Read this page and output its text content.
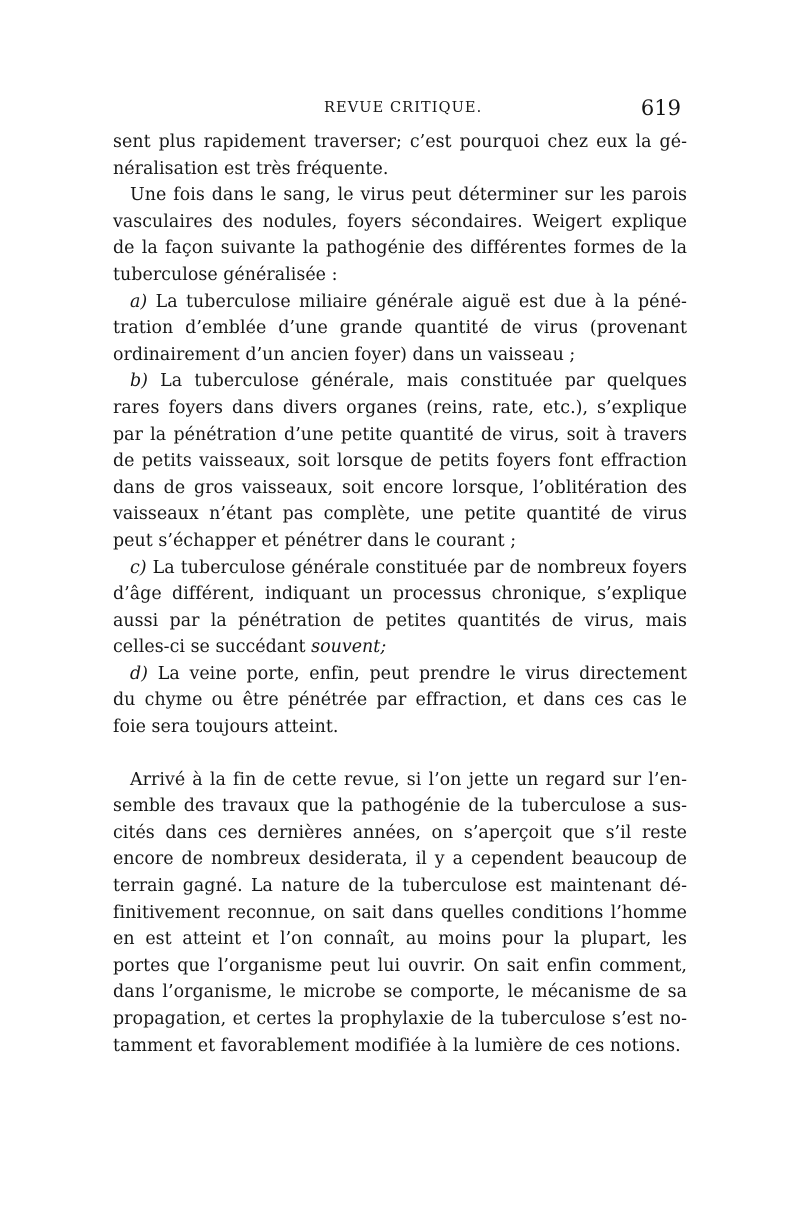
REVUE CRITIQUE.	619
sent plus rapidement traverser; c’est pourquoi chez eux la gé-
néralisation est très fréquente.
Une fois dans le sang, le virus peut déterminer sur les parois
vasculaires des nodules, foyers sécondaires. Weigert explique
de la façon suivante la pathogénie des différentes formes de la
tuberculose généralisée :
a) La tuberculose miliaire générale aiguë est due à la péné-
tration d’emblée d’une grande quantité de virus (provenant
ordinairement d’un ancien foyer) dans un vaisseau ;
b) La tuberculose générale, mais constituée par quelques
rares foyers dans divers organes (reins, rate, etc.), s’explique
par la pénétration d’une petite quantité de virus, soit à travers
de petits vaisseaux, soit lorsque de petits foyers font effraction
dans de gros vaisseaux, soit encore lorsque, l’oblitération des
vaisseaux n’étant pas complète, une petite quantité de virus
peut s’échapper et pénétrer dans le courant ;
c) La tuberculose générale constituée par de nombreux foyers
d’âge différent, indiquant un processus chronique, s’explique
aussi par la pénétration de petites quantités de virus, mais
celles-ci se succédant souvent;
d) La veine porte, enfin, peut prendre le virus directement
du chyme ou être pénétrée par effraction, et dans ces cas le
foie sera toujours atteint.
Arrivé à la fin de cette revue, si l’on jette un regard sur l’en-
semble des travaux que la pathogénie de la tuberculose a sus-
cités dans ces dernières années, on s’aperçoit que s’il reste
encore de nombreux desiderata, il y a cependent beaucoup de
terrain gagné. La nature de la tuberculose est maintenant dé-
finitivement reconnue, on sait dans quelles conditions l’homme
en est atteint et l’on connaît, au moins pour la plupart, les
portes que l’organisme peut lui ouvrir. On sait enfin comment,
dans l’organisme, le microbe se comporte, le mécanisme de sa
propagation, et certes la prophylaxie de la tuberculose s’est no-
tamment et favorablement modifiée à la lumière de ces notions.
